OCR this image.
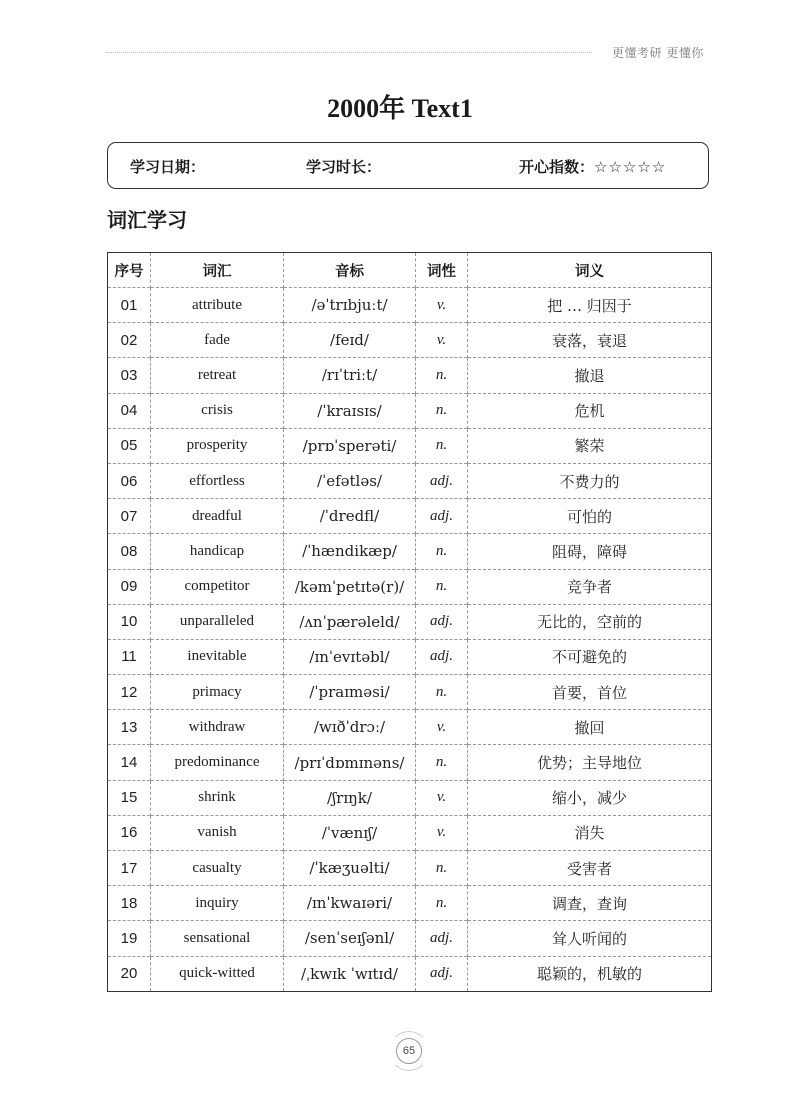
更懂考研 更懂你
2000年 Text1
学习日期：	学习时长：	开心指数：☆☆☆☆☆
词汇学习
序号	词汇	音标	词性	词义
01	attribute	/əˈtrɪbjuːt/	v.	把 … 归因于
02	fade	/feɪd/	v.	衰落，衰退
03	retreat	/rɪˈtriːt/	n.	撤退
04	crisis	/ˈkraɪsɪs/	n.	危机
05	prosperity	/prɒˈsperəti/	n.	繁荣
06	effortless	/ˈefətləs/	adj.	不费力的
07	dreadful	/ˈdredfl/	adj.	可怕的
08	handicap	/ˈhændikæp/	n.	阻碍，障碍
09	competitor	/kəmˈpetɪtə(r)/	n.	竞争者
10	unparalleled	/ʌnˈpærəleld/	adj.	无比的，空前的
11	inevitable	/ɪnˈevɪtəbl/	adj.	不可避免的
12	primacy	/ˈpraɪməsi/	n.	首要，首位
13	withdraw	/wɪðˈdrɔː/	v.	撤回
14	predominance	/prɪˈdɒmɪnəns/	n.	优势；主导地位
15	shrink	/ʃrɪŋk/	v.	缩小，减少
16	vanish	/ˈvænɪʃ/	v.	消失
17	casualty	/ˈkæʒuəlti/	n.	受害者
18	inquiry	/ɪnˈkwaɪəri/	n.	调查，查询
19	sensational	/senˈseɪʃənl/	adj.	耸人听闻的
20	quick-witted	/ˌkwɪk ˈwɪtɪd/	adj.	聪颖的，机敏的
65
